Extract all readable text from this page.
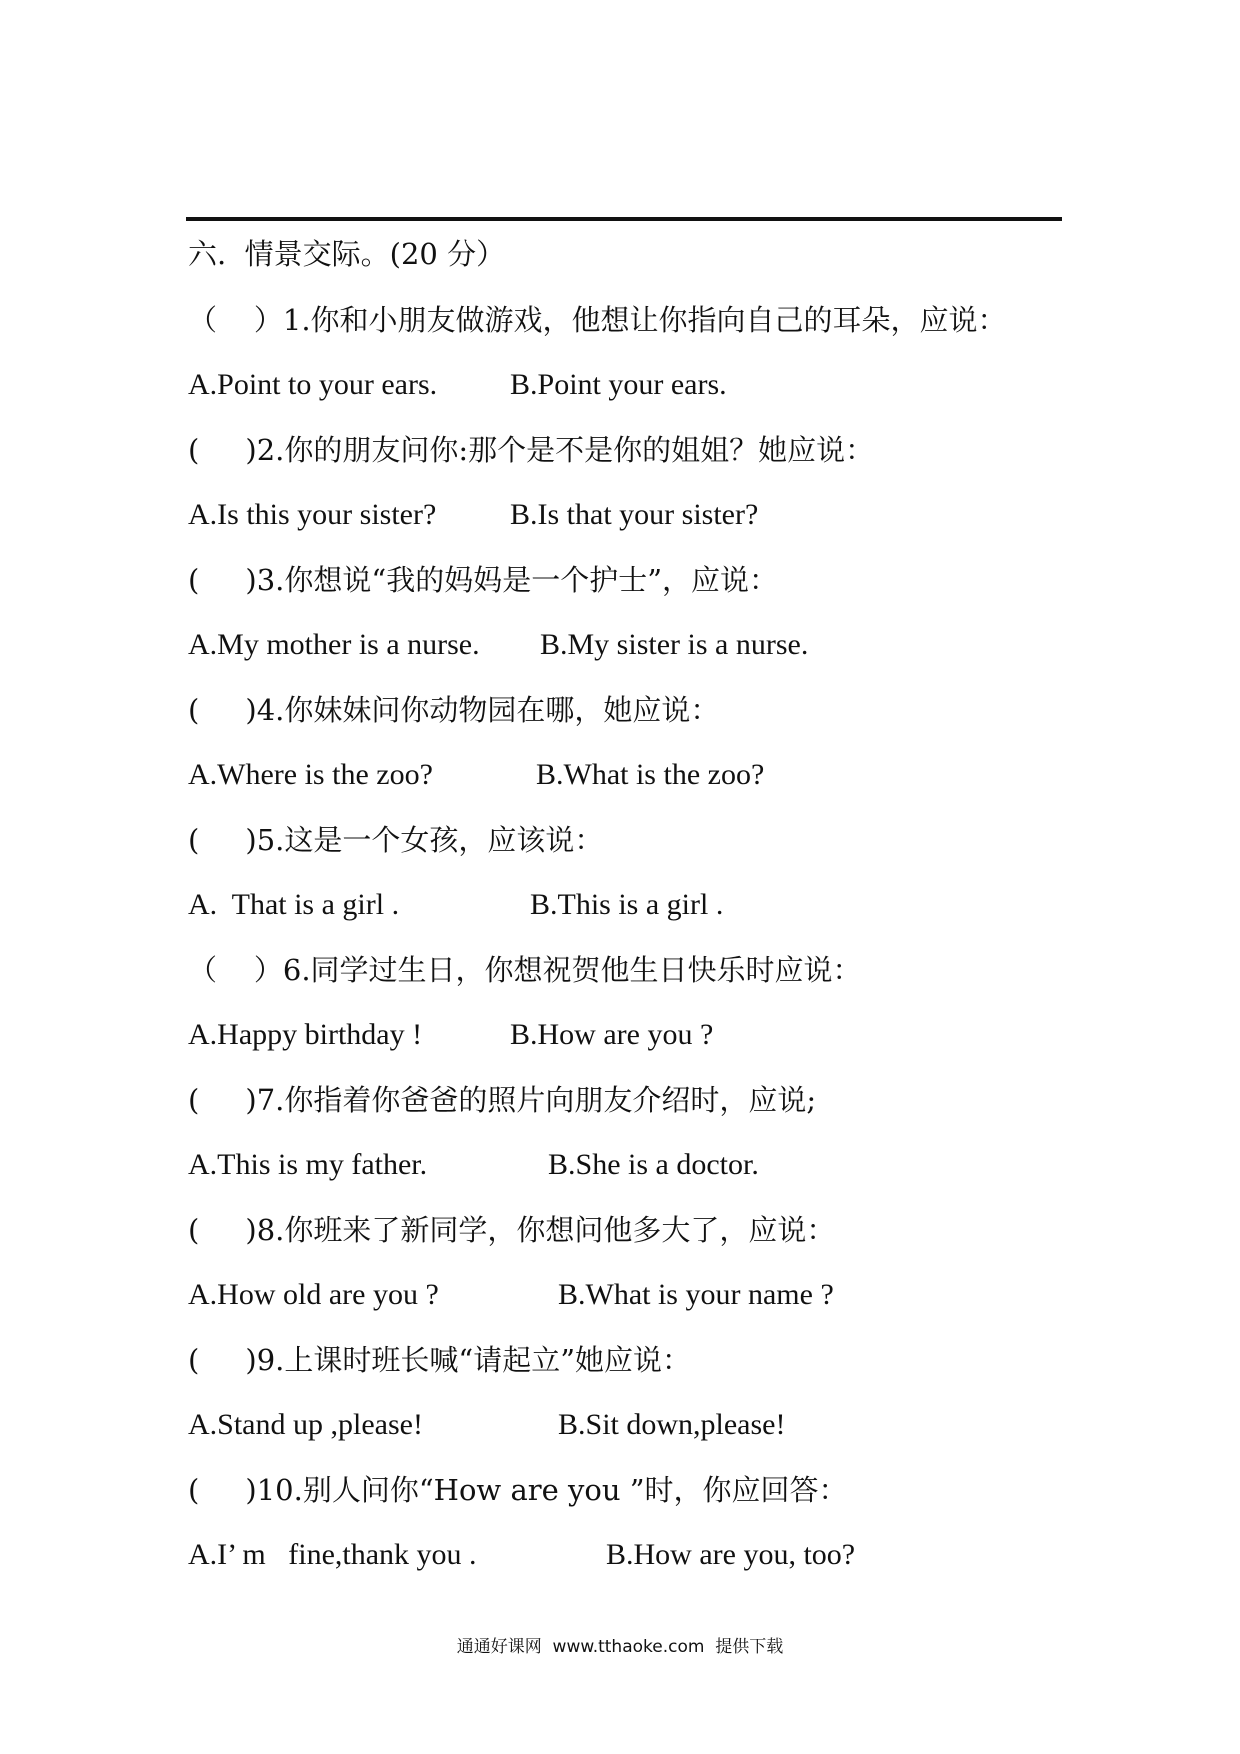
六.  情景交际。(20 分）
（    ）1.你和小朋友做游戏，他想让你指向自己的耳朵，应说：

A.Point to your ears.

B.Point your ears.

(     )2.你的朋友问你:那个是不是你的姐姐？她应说：

A.Is this your sister?

B.Is that your sister?

(     )3.你想说“我的妈妈是一个护士”，应说：

A.My mother is a nurse.

B.My sister is a nurse.

(     )4.你妹妹问你动物园在哪，她应说：

A.Where is the zoo?

	B.What is the zoo?

(     )5.这是一个女孩，应该说：

A.  That is a girl .

	B.This is a girl .

（    ）6.同学过生日，你想祝贺他生日快乐时应说：

A.Happy birthday !

	B.How are you ?

(     )7.你指着你爸爸的照片向朋友介绍时，应说;

A.This is my father.

	B.She is a doctor.

(     )8.你班来了新同学，你想问他多大了，应说：

A.How old are you ?

	B.What is your name ?

(     )9.上课时班长喊“请起立”她应说：

A.Stand up ,please!

	B.Sit down,please!

(     )10.别人问你“How are you ”时，你应回答：

A.I’ m   fine,thank you .

	B.How are you, too?

通通好课网  www.tthaoke.com  提供下载
